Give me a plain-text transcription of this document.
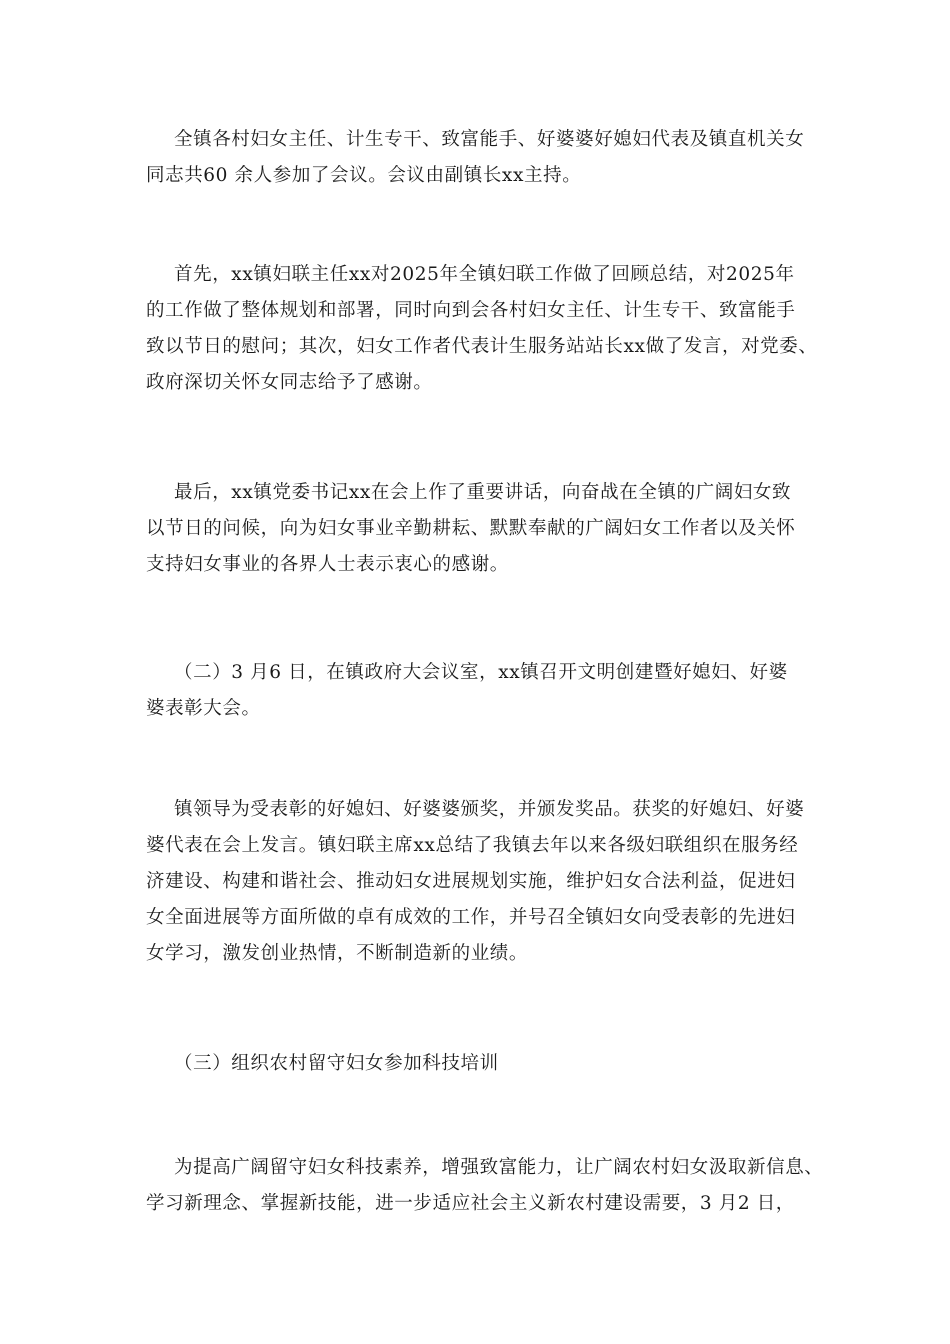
全镇各村妇女主任、计生专干、致富能手、好婆婆好媳妇代表及镇直机关女
同志共60 余人参加了会议。会议由副镇长xx主持。
首先，xx镇妇联主任xx对2025年全镇妇联工作做了回顾总结，对2025年
的工作做了整体规划和部署，同时向到会各村妇女主任、计生专干、致富能手
致以节日的慰问；其次，妇女工作者代表计生服务站站长xx做了发言，对党委、
政府深切关怀女同志给予了感谢。
最后，xx镇党委书记xx在会上作了重要讲话，向奋战在全镇的广阔妇女致
以节日的问候，向为妇女事业辛勤耕耘、默默奉献的广阔妇女工作者以及关怀
支持妇女事业的各界人士表示衷心的感谢。
（二）3 月6 日，在镇政府大会议室，xx镇召开文明创建暨好媳妇、好婆
婆表彰大会。
镇领导为受表彰的好媳妇、好婆婆颁奖，并颁发奖品。获奖的好媳妇、好婆
婆代表在会上发言。镇妇联主席xx总结了我镇去年以来各级妇联组织在服务经
济建设、构建和谐社会、推动妇女进展规划实施，维护妇女合法利益，促进妇
女全面进展等方面所做的卓有成效的工作，并号召全镇妇女向受表彰的先进妇
女学习，激发创业热情，不断制造新的业绩。
（三）组织农村留守妇女参加科技培训
为提高广阔留守妇女科技素养，增强致富能力，让广阔农村妇女汲取新信息、
学习新理念、掌握新技能，进一步适应社会主义新农村建设需要，3 月2 日，
